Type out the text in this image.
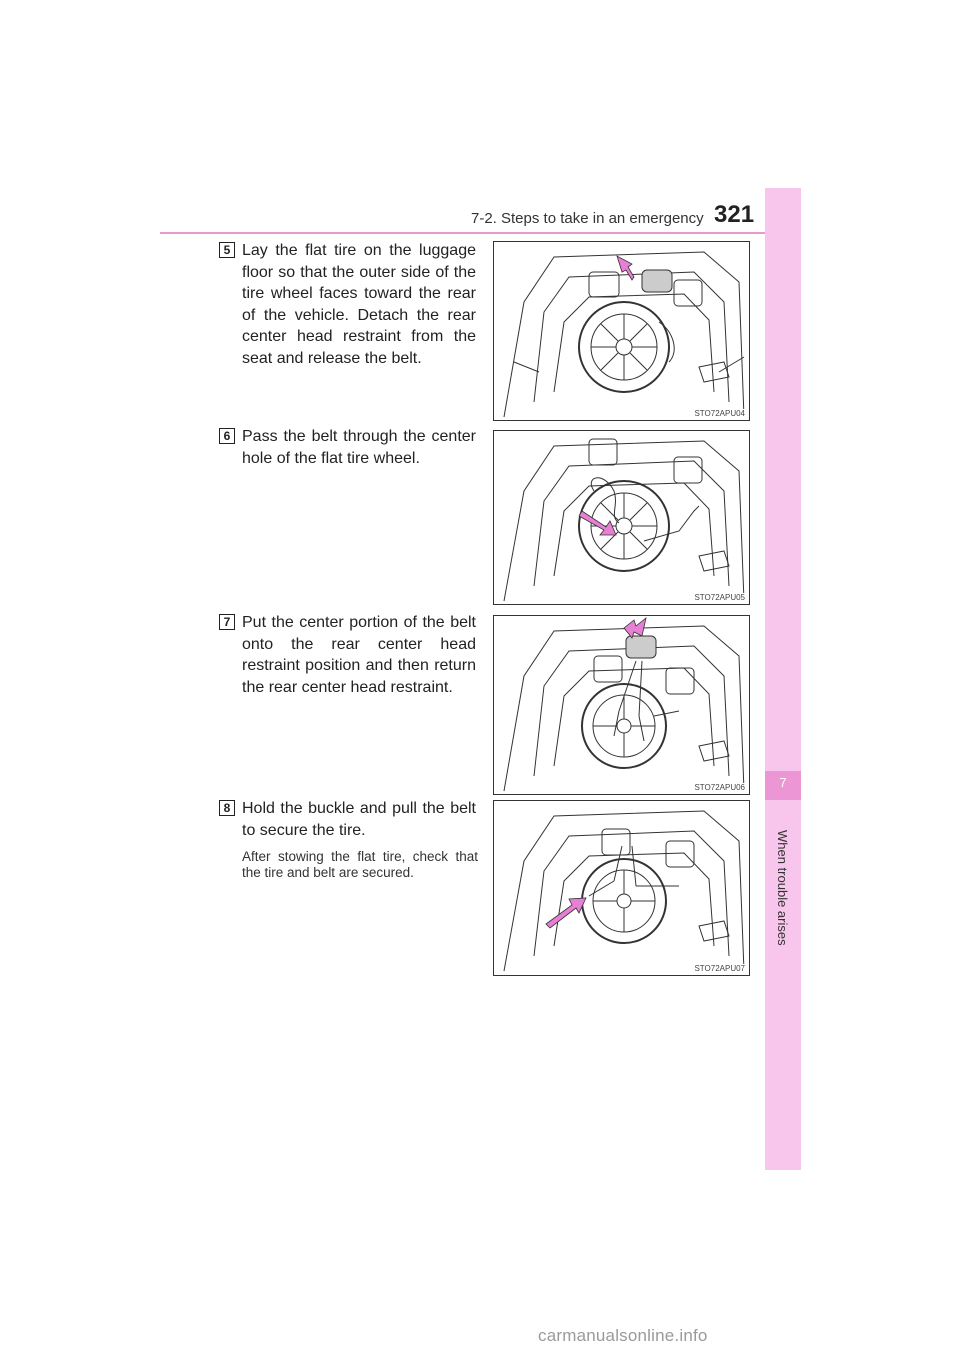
7-2. Steps to take in an emergency 321
7
When trouble arises
5 Lay the flat tire on the luggage floor so that the outer side of the tire wheel faces toward the rear of the vehicle. Detach the rear center head restraint from the seat and release the belt.
STO72APU04
6 Pass the belt through the center hole of the flat tire wheel.
STO72APU05
7 Put the center portion of the belt onto the rear center head restraint position and then return the rear center head restraint.
STO72APU06
8 Hold the buckle and pull the belt to secure the tire.
After stowing the flat tire, check that the tire and belt are secured.
STO72APU07
carmanualsonline.info
